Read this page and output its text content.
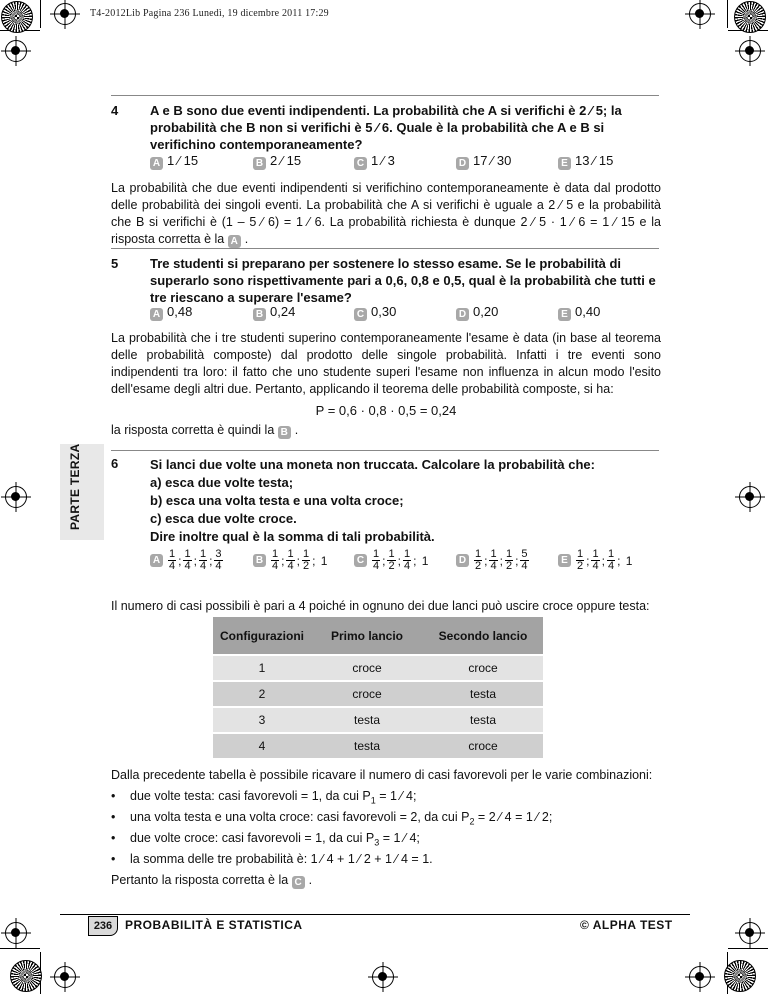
T4-2012Lib Pagina 236 Lunedì, 19 dicembre 2011 17:29
PARTE TERZA
4 A e B sono due eventi indipendenti. La probabilità che A si verifichi è 2 ⁄ 5; la probabilità che B non si verifichi è 5 ⁄ 6. Quale è la probabilità che A e B si verifichino contemporaneamente?
A 1 ⁄ 15	B 2 ⁄ 15	C 1 ⁄ 3	D 17 ⁄ 30	E 13 ⁄ 15
La probabilità che due eventi indipendenti si verifichino contemporaneamente è data dal prodotto delle probabilità dei singoli eventi. La probabilità che A si verifichi è uguale a 2 ⁄ 5 e la probabilità che B si verifichi è (1 – 5 ⁄ 6) = 1 ⁄ 6. La probabilità richiesta è dunque 2 ⁄ 5 · 1 ⁄ 6 = 1 ⁄ 15 e la risposta corretta è la A .
5 Tre studenti si preparano per sostenere lo stesso esame. Se le probabilità di superarlo sono rispettivamente pari a 0,6, 0,8 e 0,5, qual è la probabilità che tutti e tre riescano a superare l'esame?
A 0,48	B 0,24	C 0,30	D 0,20	E 0,40
La probabilità che i tre studenti superino contemporaneamente l'esame è data (in base al teorema delle probabilità composte) dal prodotto delle singole probabilità. Infatti i tre eventi sono indipendenti tra loro: il fatto che uno studente superi l'esame non influenza in alcun modo l'esito dell'esame degli altri due. Pertanto, applicando il teorema delle probabilità composte, si ha:
P = 0,6 · 0,8 · 0,5 = 0,24
la risposta corretta è quindi la B .
6 Si lanci due volte una moneta non truccata. Calcolare la probabilità che:
a) esca due volte testa;
b) esca una volta testa e una volta croce;
c) esca due volte croce.
Dire inoltre qual è la somma di tali probabilità.
A $\frac{1}{4}$ ; $\frac{1}{4}$ ; $\frac{1}{4}$ ; $\frac{3}{4}$	B $\frac{1}{4}$ ; $\frac{1}{4}$ ; $\frac{1}{2}$ ; 1	C $\frac{1}{4}$ ; $\frac{1}{2}$ ; $\frac{1}{4}$ ; 1	D $\frac{1}{2}$ ; $\frac{1}{4}$ ; $\frac{1}{2}$ ; $\frac{5}{4}$	E $\frac{1}{2}$ ; $\frac{1}{4}$ ; $\frac{1}{4}$ ; 1
Il numero di casi possibili è pari a 4 poiché in ognuno dei due lanci può uscire croce oppure testa:
Configurazioni	Primo lancio	Secondo lancio
1	croce	croce
2	croce	testa
3	testa	testa
4	testa	croce
Dalla precedente tabella è possibile ricavare il numero di casi favorevoli per le varie combinazioni:
• due volte testa: casi favorevoli = 1, da cui $P_1 = 1$ ⁄ 4;
• una volta testa e una volta croce: casi favorevoli = 2, da cui $P_2 = 2$ ⁄ 4 = 1 ⁄ 2;
• due volte croce: casi favorevoli = 1, da cui $P_3 = 1$ ⁄ 4;
• la somma delle tre probabilità è: 1 ⁄ 4 + 1 ⁄ 2 + 1 ⁄ 4 = 1.
Pertanto la risposta corretta è la C .
236	PROBABILITÀ E STATISTICA	© ALPHA TEST
